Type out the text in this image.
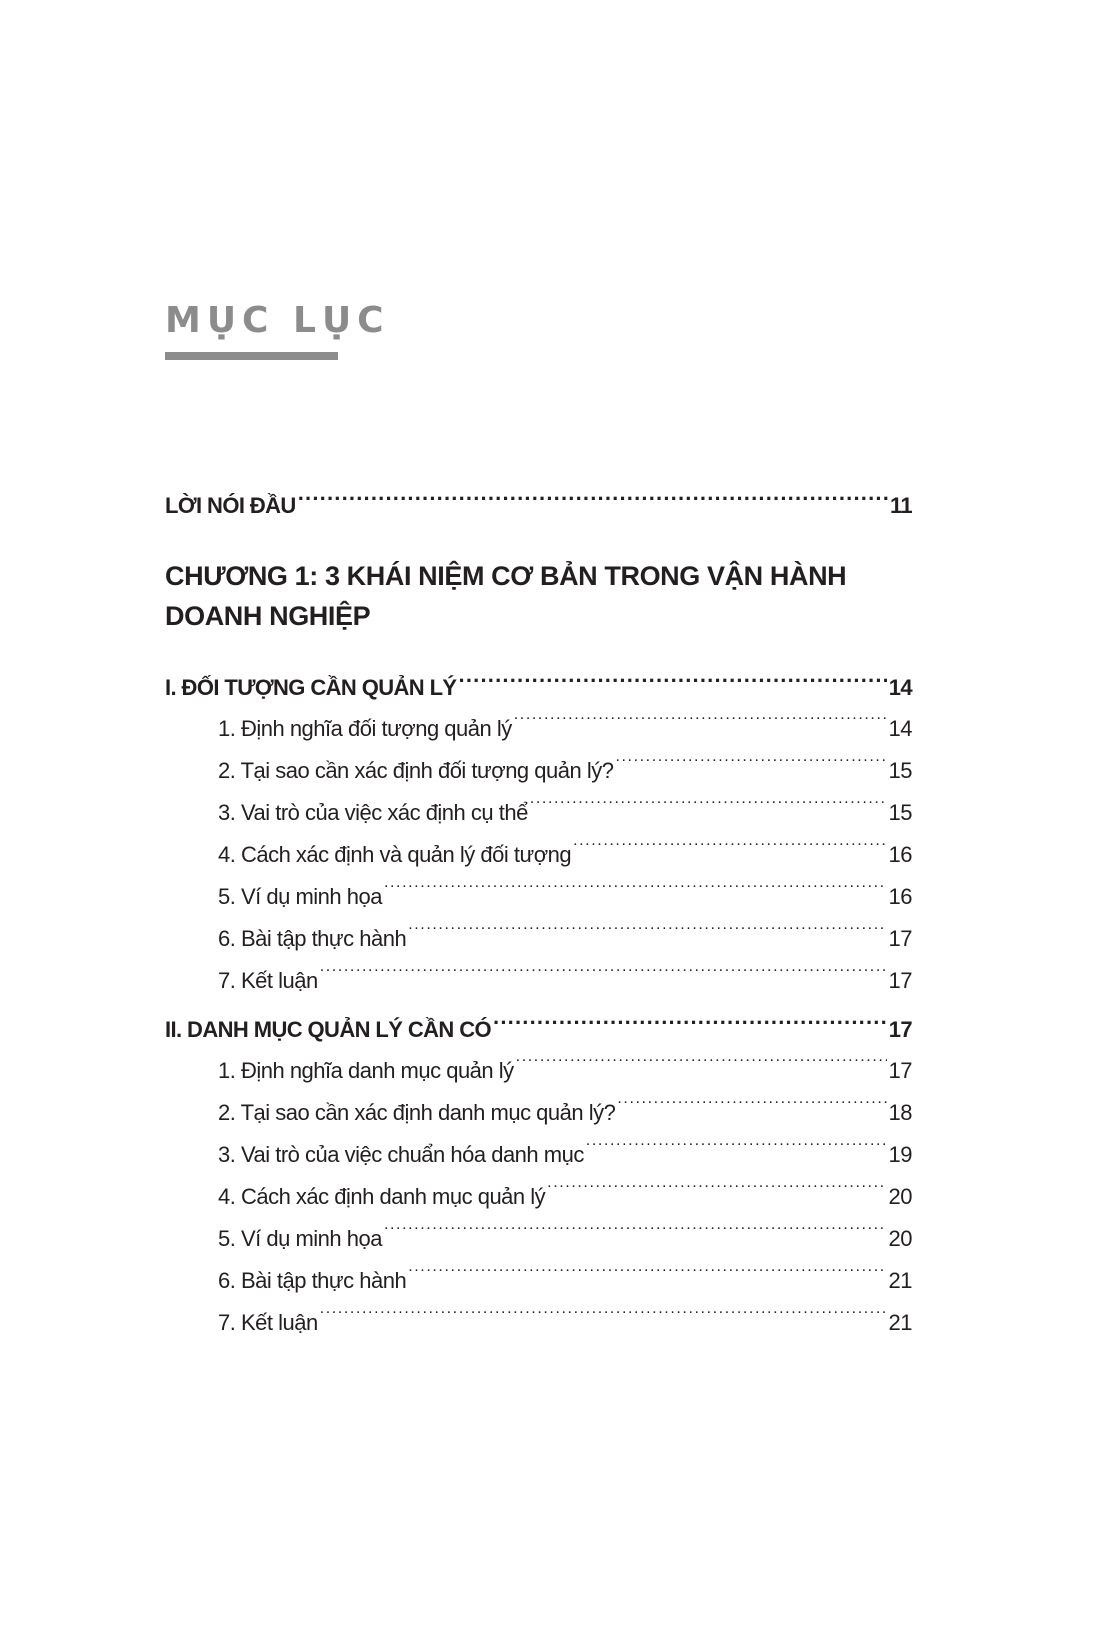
MỤC LỤC
LỜI NÓI ĐẦU .....	11
CHƯƠNG 1: 3 KHÁI NIỆM CƠ BẢN TRONG VẬN HÀNH
DOANH NGHIỆP
I. ĐỐI TƯỢNG CẦN QUẢN LÝ .....	14
1. Định nghĩa đối tượng quản lý .....	14
2. Tại sao cần xác định đối tượng quản lý? .....	15
3. Vai trò của việc xác định cụ thể .....	15
4. Cách xác định và quản lý đối tượng .....	16
5. Ví dụ minh họa .....	16
6. Bài tập thực hành .....	17
7. Kết luận .....	17
II. DANH MỤC QUẢN LÝ CẦN CÓ .....	17
1. Định nghĩa danh mục quản lý .....	17
2. Tại sao cần xác định danh mục quản lý? .....	18
3. Vai trò của việc chuẩn hóa danh mục .....	19
4. Cách xác định danh mục quản lý .....	20
5. Ví dụ minh họa .....	20
6. Bài tập thực hành .....	21
7. Kết luận .....	21
